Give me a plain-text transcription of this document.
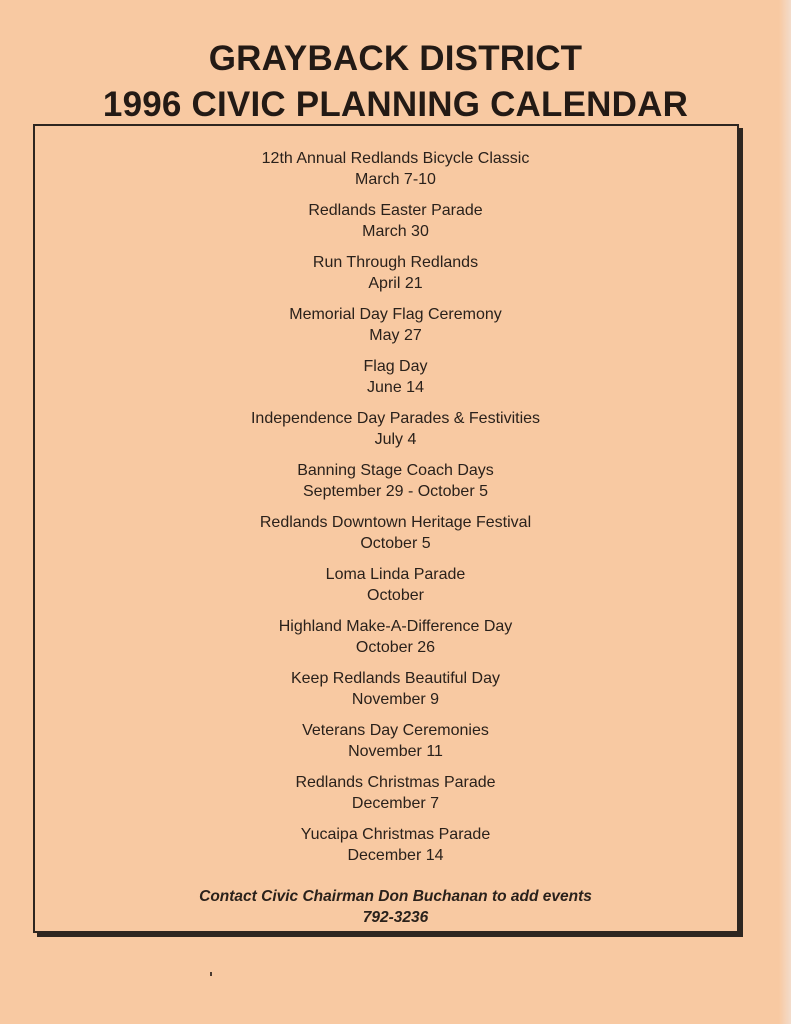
GRAYBACK DISTRICT
1996 CIVIC PLANNING CALENDAR
12th Annual Redlands Bicycle Classic
March 7-10
Redlands Easter Parade
March 30
Run Through Redlands
April 21
Memorial Day Flag Ceremony
May 27
Flag Day
June 14
Independence Day Parades & Festivities
July 4
Banning Stage Coach Days
September 29 - October 5
Redlands Downtown Heritage Festival
October 5
Loma Linda Parade
October
Highland Make-A-Difference Day
October 26
Keep Redlands Beautiful Day
November 9
Veterans Day Ceremonies
November 11
Redlands Christmas Parade
December 7
Yucaipa Christmas Parade
December 14
Contact Civic Chairman Don Buchanan to add events
792-3236
